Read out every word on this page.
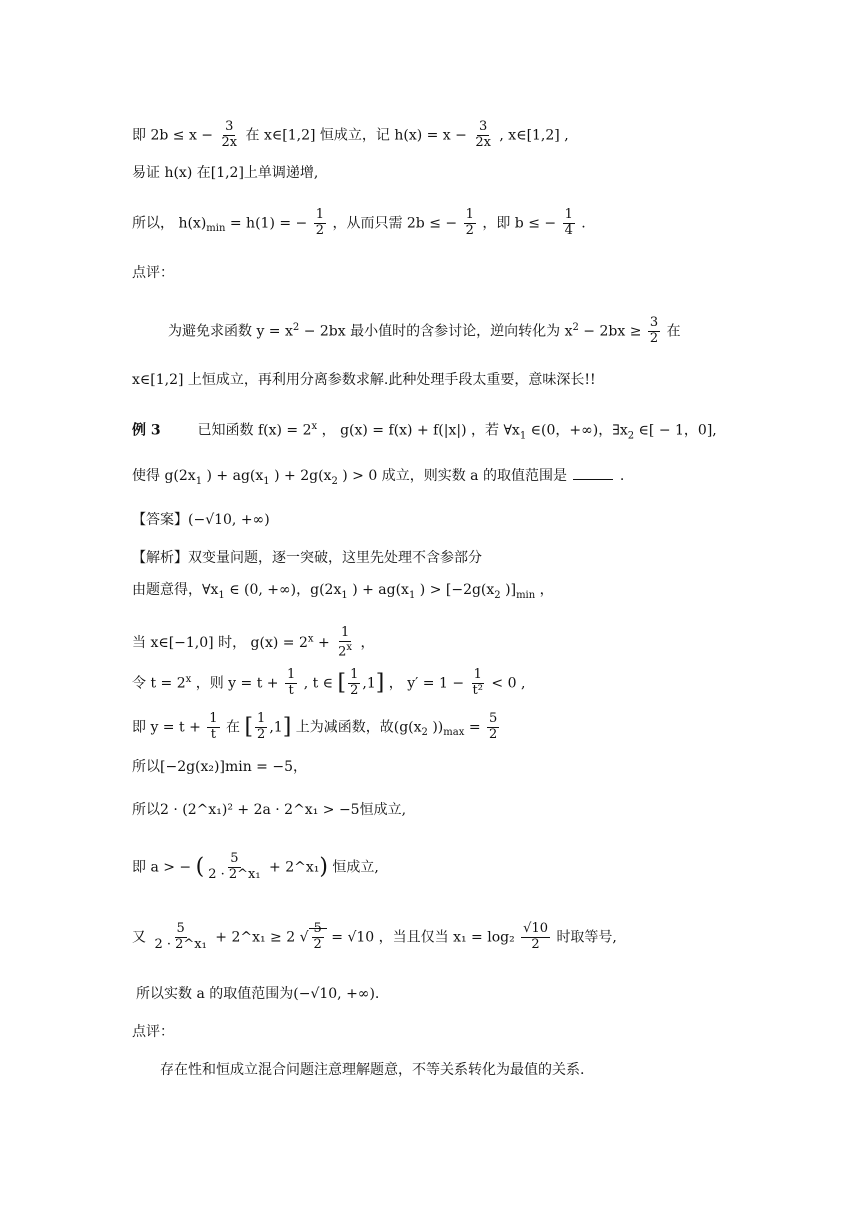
即 $2b \le x - \frac{3}{2x}$ 在 x∈[1,2] 恒成立，记 $h(x) = x - \frac{3}{2x}$ , x∈[1,2] ,
易证 h(x) 在[1,2]上单调递增,
所以， $h(x)_{min} = h(1)$ = − $\frac{1}{2}$ ，从而只需 2b ≤ − $\frac{1}{2}$ ，即 b ≤ − $\frac{1}{4}$ .
点评：
为避免求函数 $y = x^2 - 2bx$ 最小值时的含参讨论，逆向转化为 $x^2 - 2bx \ge \frac{3}{2}$ 在
x∈[1,2] 上恒成立，再利用分离参数求解.此种处理手段太重要，意味深长!!
例 3	已知函数 $f(x) = 2^x$ ， g(x) = f(x) + f(|x|) ，若 $\forall x_1$ ∈(0，+∞)，$\exists x_2$ ∈[ − 1，0],
使得 $g(2x_1$ ) + $ag(x_1$ ) + $2g(x_2$ ) > 0 成立，则实数 a 的取值范围是	.
【答案】(−√10, +∞)
【解析】双变量问题，逐一突破，这里先处理不含参部分
由题意得，$\forall x_1$ ∈ (0, +∞)，$g(2x_1$ ) + $ag(x_1$ ) > [$-2g(x_2$ )]$_{min}$ ，
当 x∈[−1,0] 时， $g(x) = 2^x + \frac{1}{2^x}$ ，
令 $t = 2^x$ ，则 $y = t + \frac{1}{t}$ , t ∈ [ $\frac{1}{2} ,1$] ， $y' = 1 - \frac{1}{\text{t²}} < 0$ ,
即 $y = t + \frac{1}{t}$ 在 [ $\frac{1}{2} ,1$] 上为减函数，故($g(x_2$ ))$_{max} = \frac{5}{2}$
所以[−2g(x₂)]min = −5，
所以2 · (2^x₁)² + 2a · 2^x₁ > −5恒成立,
即 a > − ( $\frac{5}{\text{2 · 2\textasciicircum{}x₁}}$ + 2^x₁) 恒成立,
又 $\frac{5}{\text{2 · 2\textasciicircum{}x₁}}$ + 2^x₁ ≥ 2 √ $\frac{5}{2} = √10$ ，当且仅当 $x_1 = \log_2 \frac{√10}{2}$ 时取等号,
所以实数 a 的取值范围为(−√10, +∞).
点评：
存在性和恒成立混合问题注意理解题意，不等关系转化为最值的关系.
